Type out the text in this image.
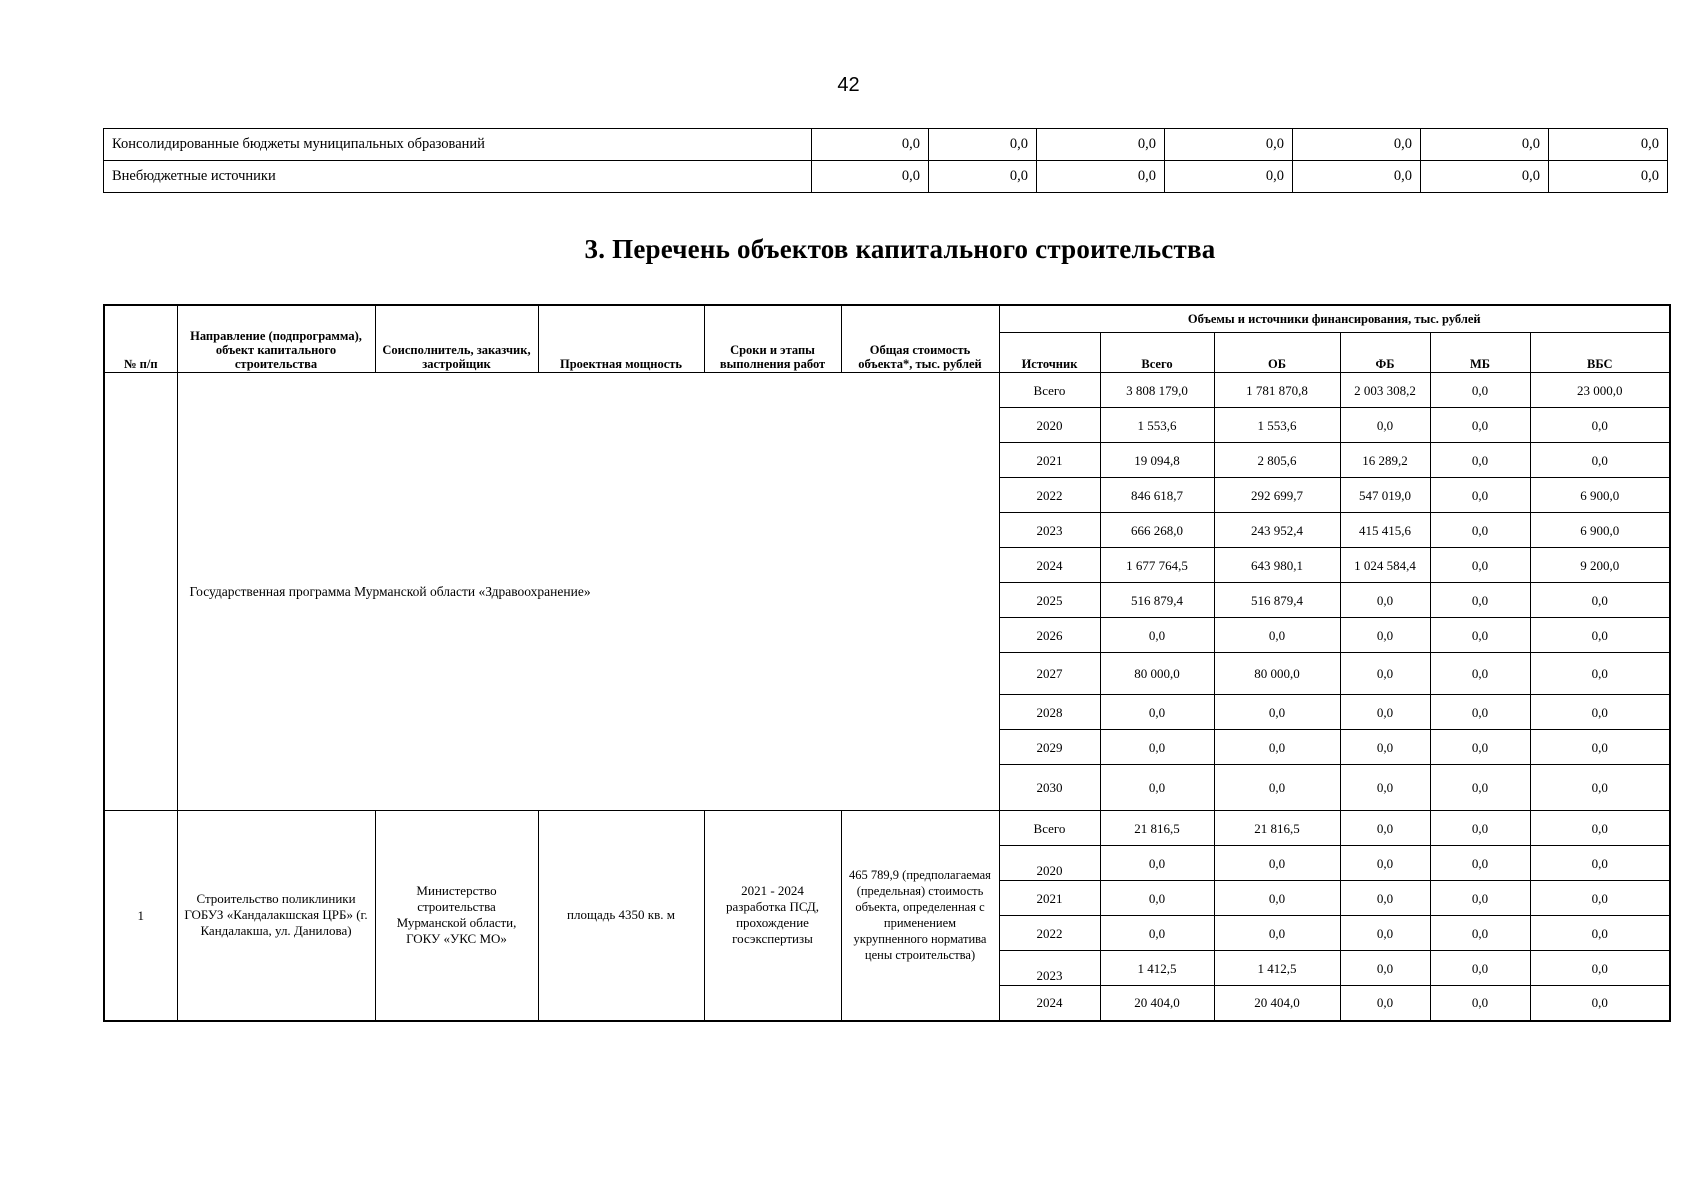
42
Консолидированные бюджеты муниципальных образований	0,0	0,0	0,0	0,0	0,0	0,0	0,0
Внебюджетные источники	0,0	0,0	0,0	0,0	0,0	0,0	0,0
3. Перечень объектов капитального строительства
№ п/п	Направление (подпрограмма), объект капитального строительства	Соисполнитель, заказчик, застройщик	Проектная мощность	Сроки и этапы выполнения работ	Общая стоимость объекта*, тыс. рублей	Объемы и источники финансирования, тыс. рублей					
						Источник	Всего	ОБ	ФБ	МБ	ВБС
	Государственная программа Мурманской области «Здравоохранение»					Всего	3 808 179,0	1 781 870,8	2 003 308,2	0,0	23 000,0
						2020	1 553,6	1 553,6	0,0	0,0	0,0
						2021	19 094,8	2 805,6	16 289,2	0,0	0,0
						2022	846 618,7	292 699,7	547 019,0	0,0	6 900,0
						2023	666 268,0	243 952,4	415 415,6	0,0	6 900,0
						2024	1 677 764,5	643 980,1	1 024 584,4	0,0	9 200,0
						2025	516 879,4	516 879,4	0,0	0,0	0,0
						2026	0,0	0,0	0,0	0,0	0,0
						2027	80 000,0	80 000,0	0,0	0,0	0,0
						2028	0,0	0,0	0,0	0,0	0,0
						2029	0,0	0,0	0,0	0,0	0,0
						2030	0,0	0,0	0,0	0,0	0,0
1	Строительство поликлиники ГОБУЗ «Кандалакшская ЦРБ» (г. Кандалакша, ул. Данилова)	Министерство строительства Мурманской области, ГОКУ «УКС МО»	площадь 4350 кв. м	2021 - 2024 разработка ПСД, прохождение госэкспертизы	465 789,9 (предполагаемая (предельная) стоимость объекта, определенная с применением укрупненного норматива цены строительства)	Всего	21 816,5	21 816,5	0,0	0,0	0,0
						2020	0,0	0,0	0,0	0,0	0,0
						2021	0,0	0,0	0,0	0,0	0,0
						2022	0,0	0,0	0,0	0,0	0,0
						2023	1 412,5	1 412,5	0,0	0,0	0,0
						2024	20 404,0	20 404,0	0,0	0,0	0,0
